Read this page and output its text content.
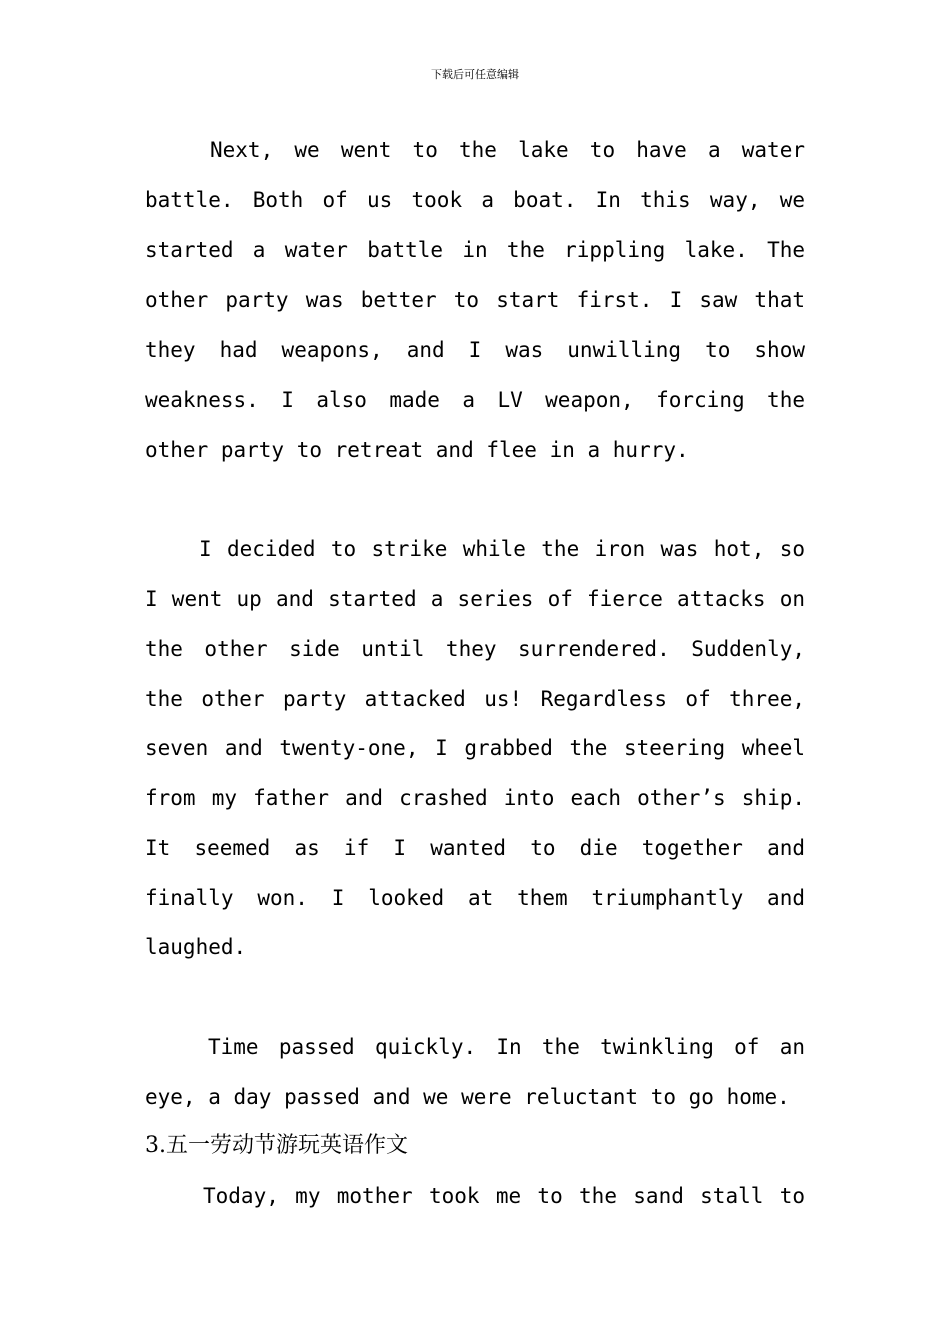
下载后可任意编辑
Next, we went to the lake to have a water
battle. Both of us took a boat. In this way, we
started a water battle in the rippling lake. The
other party was better to start first. I saw that
they had weapons, and I was unwilling to show
weakness. I also made a LV weapon, forcing the
other party to retreat and flee in a hurry.
I decided to strike while the iron was hot, so
I went up and started a series of fierce attacks on
the other side until they surrendered. Suddenly,
the other party attacked us! Regardless of three,
seven and twenty-one, I grabbed the steering wheel
from my father and crashed into each other’s ship.
It seemed as if I wanted to die together and
finally won. I looked at them triumphantly and
laughed.
Time passed quickly. In the twinkling of an
eye, a day passed and we were reluctant to go home.
3.五一劳动节游玩英语作文
Today, my mother took me to the sand stall to
